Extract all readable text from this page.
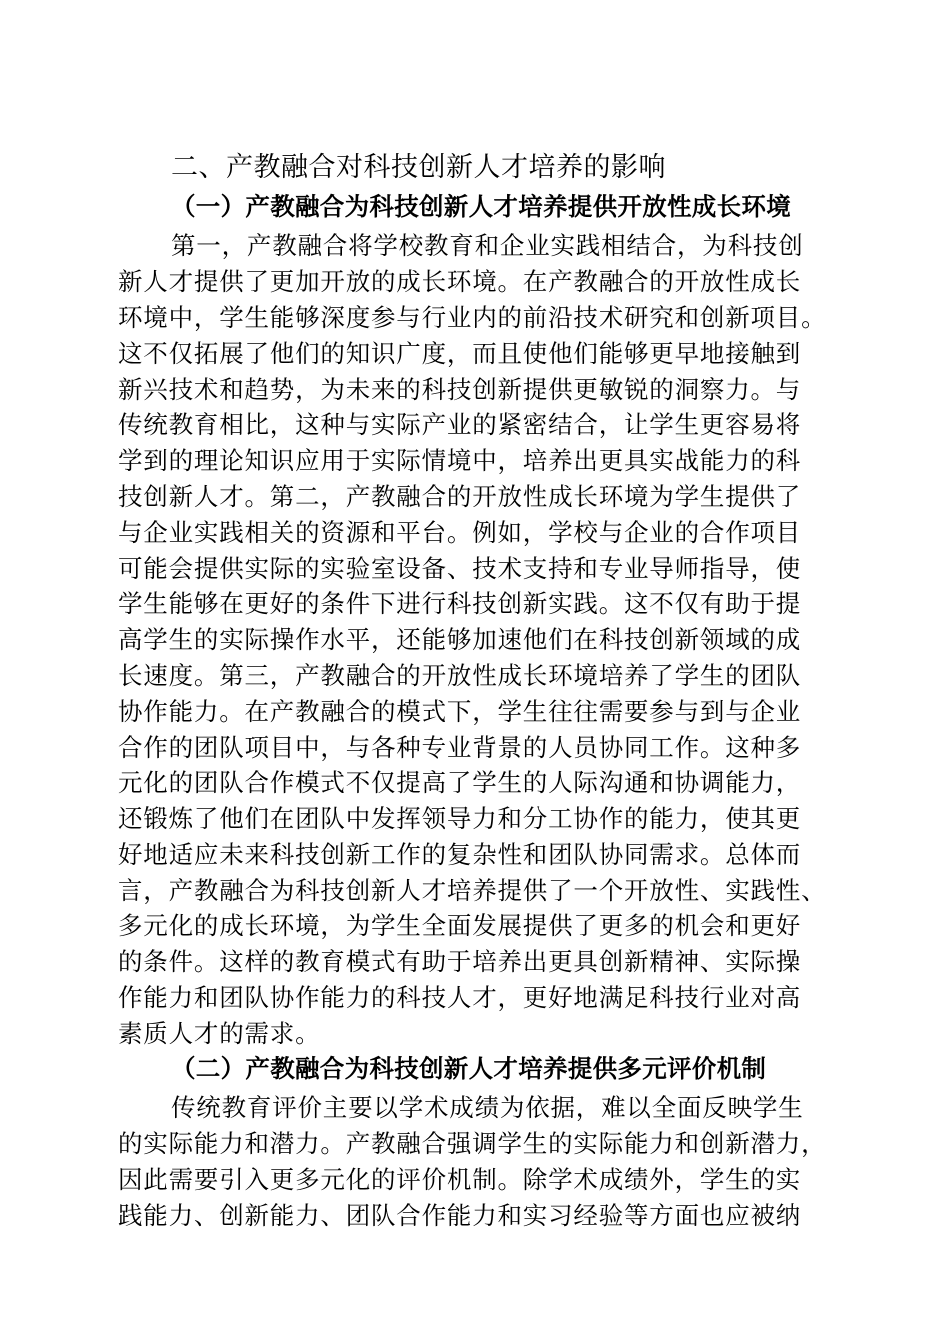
二、产教融合对科技创新人才培养的影响
（一）产教融合为科技创新人才培养提供开放性成长环境
第一，产教融合将学校教育和企业实践相结合，为科技创
新人才提供了更加开放的成长环境。在产教融合的开放性成长
环境中，学生能够深度参与行业内的前沿技术研究和创新项目。
这不仅拓展了他们的知识广度，而且使他们能够更早地接触到
新兴技术和趋势，为未来的科技创新提供更敏锐的洞察力。与
传统教育相比，这种与实际产业的紧密结合，让学生更容易将
学到的理论知识应用于实际情境中，培养出更具实战能力的科
技创新人才。第二，产教融合的开放性成长环境为学生提供了
与企业实践相关的资源和平台。例如，学校与企业的合作项目
可能会提供实际的实验室设备、技术支持和专业导师指导，使
学生能够在更好的条件下进行科技创新实践。这不仅有助于提
高学生的实际操作水平，还能够加速他们在科技创新领域的成
长速度。第三，产教融合的开放性成长环境培养了学生的团队
协作能力。在产教融合的模式下，学生往往需要参与到与企业
合作的团队项目中，与各种专业背景的人员协同工作。这种多
元化的团队合作模式不仅提高了学生的人际沟通和协调能力，
还锻炼了他们在团队中发挥领导力和分工协作的能力，使其更
好地适应未来科技创新工作的复杂性和团队协同需求。总体而
言，产教融合为科技创新人才培养提供了一个开放性、实践性、
多元化的成长环境，为学生全面发展提供了更多的机会和更好
的条件。这样的教育模式有助于培养出更具创新精神、实际操
作能力和团队协作能力的科技人才，更好地满足科技行业对高
素质人才的需求。
（二）产教融合为科技创新人才培养提供多元评价机制
传统教育评价主要以学术成绩为依据，难以全面反映学生
的实际能力和潜力。产教融合强调学生的实际能力和创新潜力，
因此需要引入更多元化的评价机制。除学术成绩外，学生的实
践能力、创新能力、团队合作能力和实习经验等方面也应被纳
